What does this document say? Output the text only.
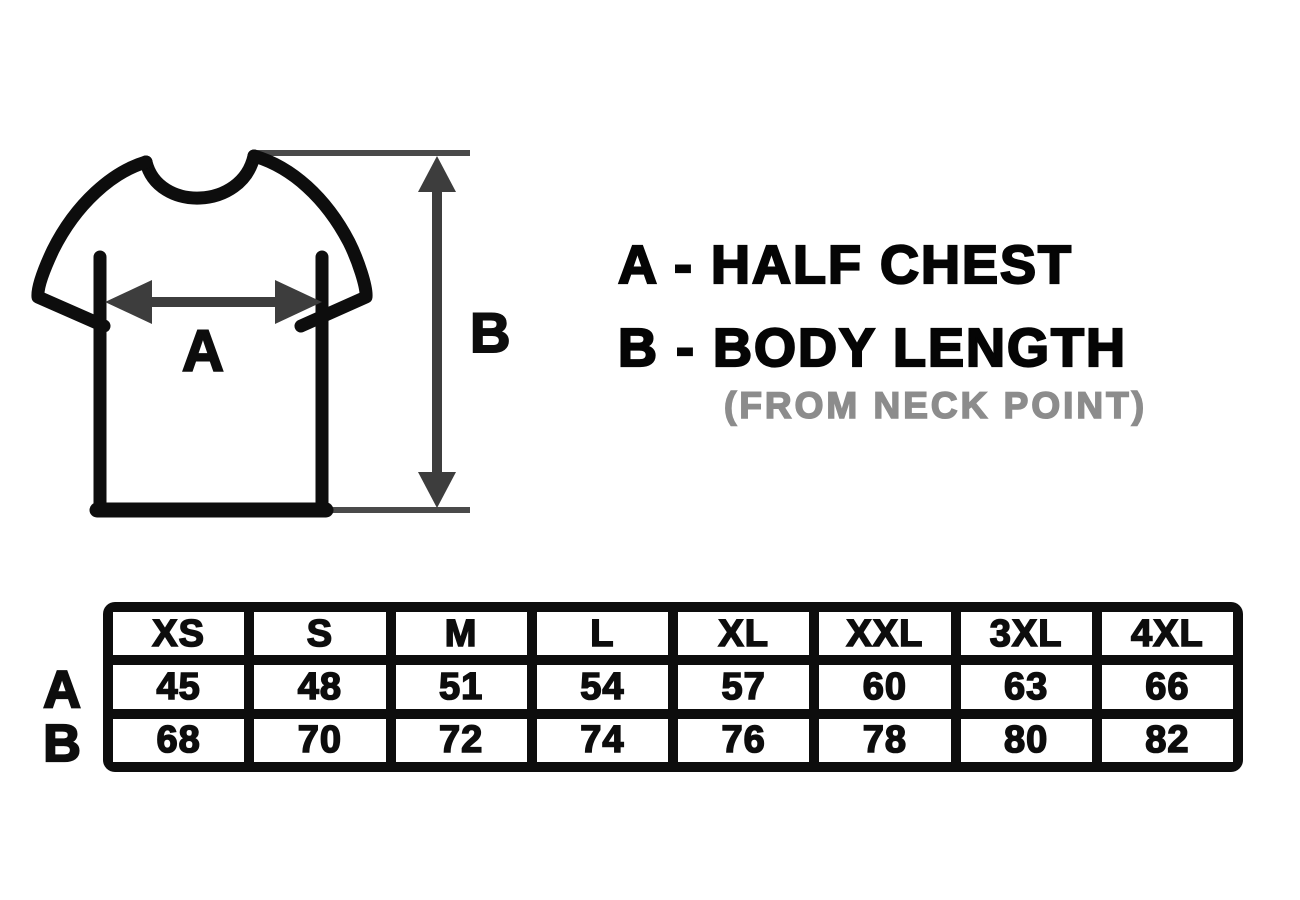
A	B
A - HALF CHEST
B - BODY LENGTH
(FROM NECK POINT)
A
B
XS	S	M	L	XL	XXL	3XL	4XL
45	48	51	54	57	60	63	66
68	70	72	74	76	78	80	82
